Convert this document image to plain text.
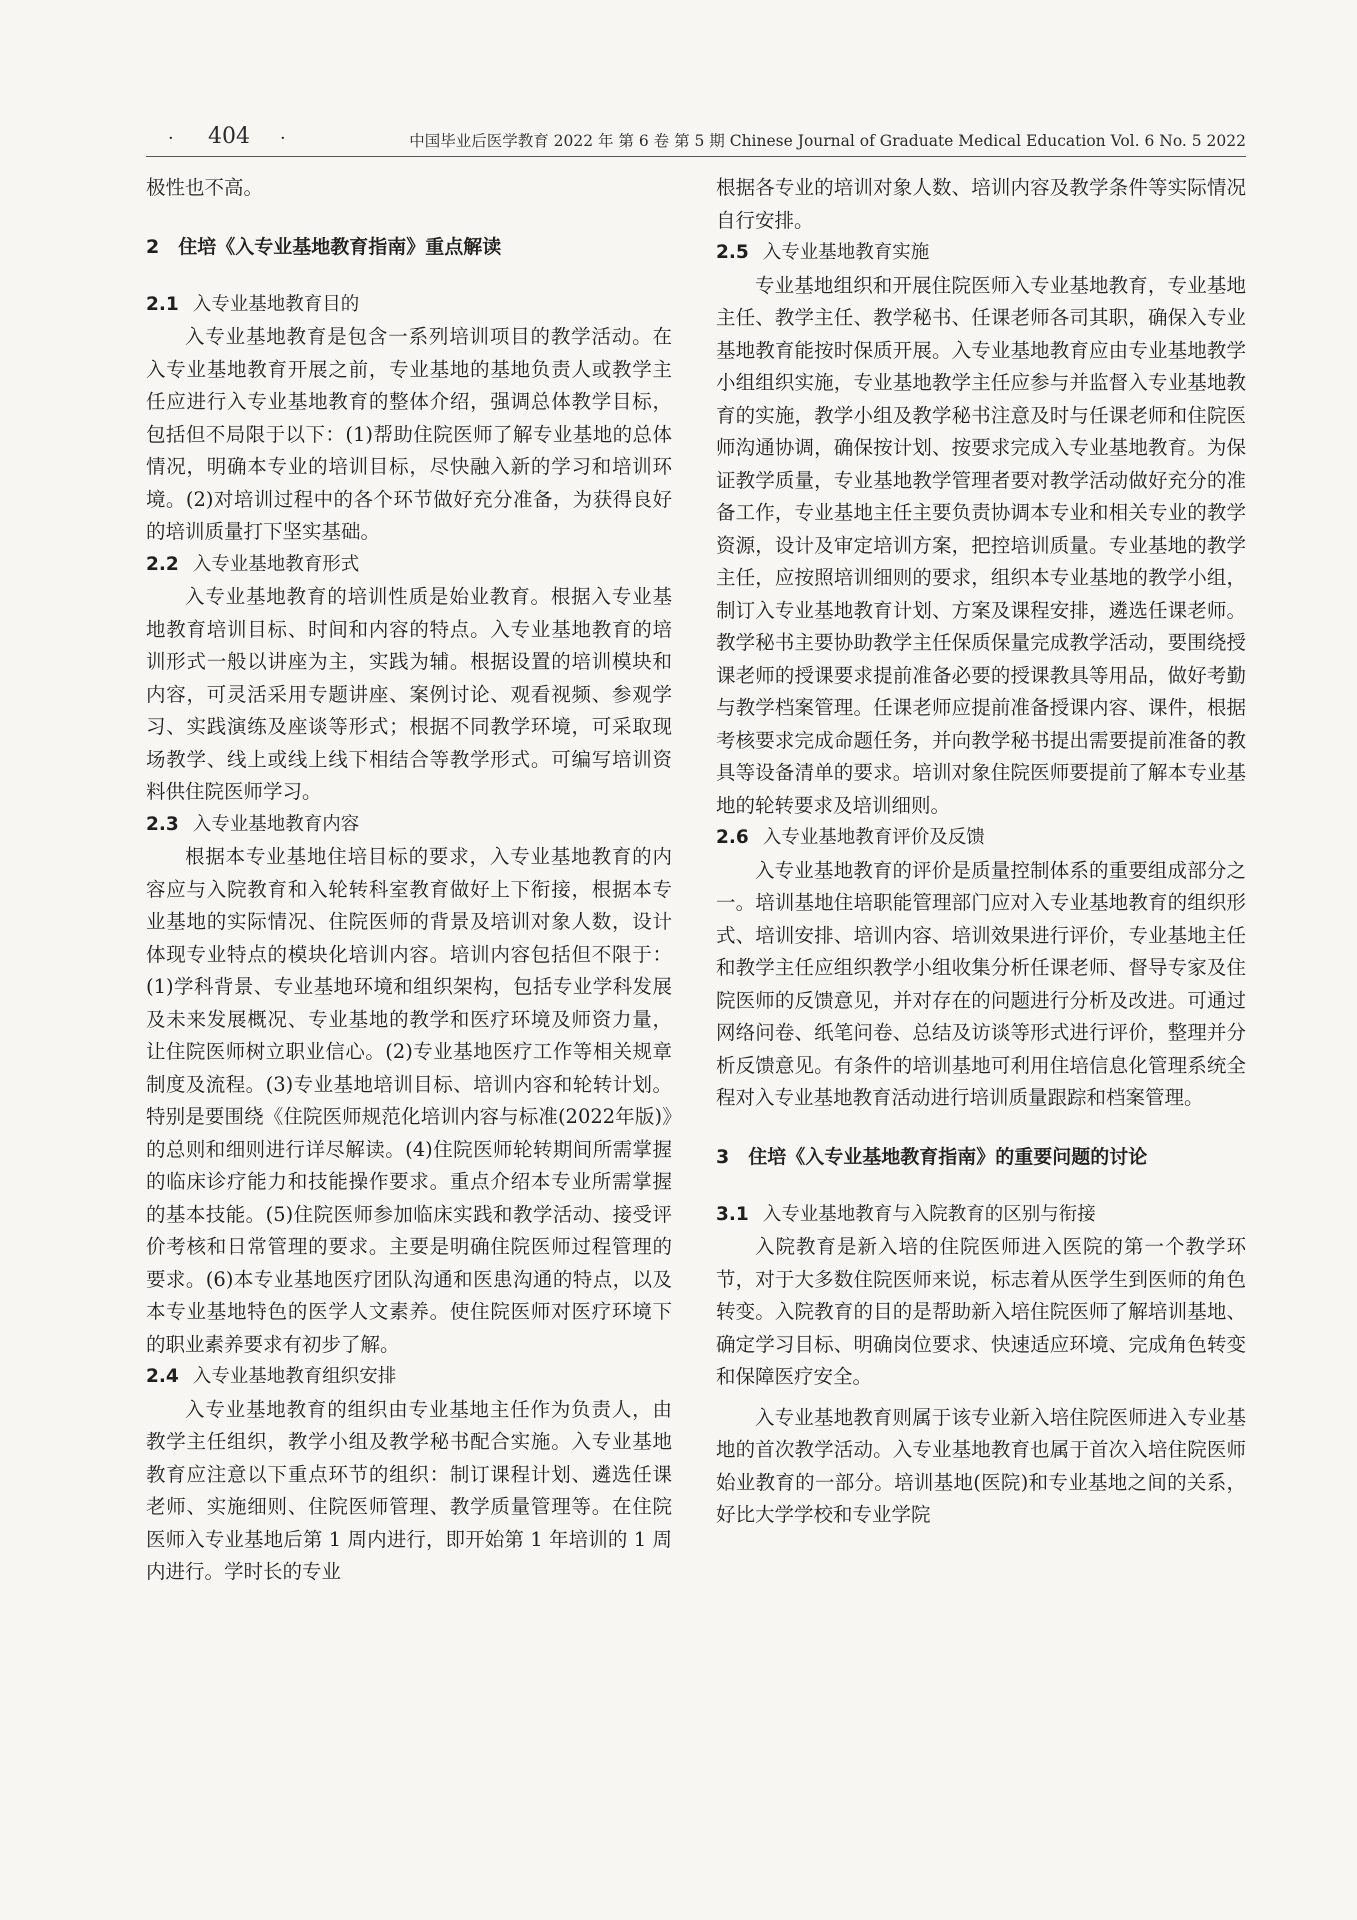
· 404 ·	中国毕业后医学教育 2022 年 第 6 卷 第 5 期 Chinese Journal of Graduate Medical Education Vol. 6 No. 5 2022

极性也不高。

2　住培《入专业基地教育指南》重点解读
2.1 入专业基地教育目的

入专业基地教育是包含一系列培训项目的教学活动。在入专业基地教育开展之前，专业基地的基地负责人或教学主任应进行入专业基地教育的整体介绍，强调总体教学目标，包括但不局限于以下：(1)帮助住院医师了解专业基地的总体情况，明确本专业的培训目标，尽快融入新的学习和培训环境。(2)对培训过程中的各个环节做好充分准备，为获得良好的培训质量打下坚实基础。

2.2 入专业基地教育形式

入专业基地教育的培训性质是始业教育。根据入专业基地教育培训目标、时间和内容的特点。入专业基地教育的培训形式一般以讲座为主，实践为辅。根据设置的培训模块和内容，可灵活采用专题讲座、案例讨论、观看视频、参观学习、实践演练及座谈等形式；根据不同教学环境，可采取现场教学、线上或线上线下相结合等教学形式。可编写培训资料供住院医师学习。

2.3 入专业基地教育内容

根据本专业基地住培目标的要求，入专业基地教育的内容应与入院教育和入轮转科室教育做好上下衔接，根据本专业基地的实际情况、住院医师的背景及培训对象人数，设计体现专业特点的模块化培训内容。培训内容包括但不限于：(1)学科背景、专业基地环境和组织架构，包括专业学科发展及未来发展概况、专业基地的教学和医疗环境及师资力量，让住院医师树立职业信心。(2)专业基地医疗工作等相关规章制度及流程。(3)专业基地培训目标、培训内容和轮转计划。特别是要围绕《住院医师规范化培训内容与标准(2022年版)》的总则和细则进行详尽解读。(4)住院医师轮转期间所需掌握的临床诊疗能力和技能操作要求。重点介绍本专业所需掌握的基本技能。(5)住院医师参加临床实践和教学活动、接受评价考核和日常管理的要求。主要是明确住院医师过程管理的要求。(6)本专业基地医疗团队沟通和医患沟通的特点，以及本专业基地特色的医学人文素养。使住院医师对医疗环境下的职业素养要求有初步了解。

2.4 入专业基地教育组织安排

入专业基地教育的组织由专业基地主任作为负责人，由教学主任组织，教学小组及教学秘书配合实施。入专业基地教育应注意以下重点环节的组织：制订课程计划、遴选任课老师、实施细则、住院医师管理、教学质量管理等。在住院医师入专业基地后第 1 周内进行，即开始第 1 年培训的 1 周内进行。学时长的专业

根据各专业的培训对象人数、培训内容及教学条件等实际情况自行安排。

2.5 入专业基地教育实施

专业基地组织和开展住院医师入专业基地教育，专业基地主任、教学主任、教学秘书、任课老师各司其职，确保入专业基地教育能按时保质开展。入专业基地教育应由专业基地教学小组组织实施，专业基地教学主任应参与并监督入专业基地教育的实施，教学小组及教学秘书注意及时与任课老师和住院医师沟通协调，确保按计划、按要求完成入专业基地教育。为保证教学质量，专业基地教学管理者要对教学活动做好充分的准备工作，专业基地主任主要负责协调本专业和相关专业的教学资源，设计及审定培训方案，把控培训质量。专业基地的教学主任，应按照培训细则的要求，组织本专业基地的教学小组，制订入专业基地教育计划、方案及课程安排，遴选任课老师。教学秘书主要协助教学主任保质保量完成教学活动，要围绕授课老师的授课要求提前准备必要的授课教具等用品，做好考勤与教学档案管理。任课老师应提前准备授课内容、课件，根据考核要求完成命题任务，并向教学秘书提出需要提前准备的教具等设备清单的要求。培训对象住院医师要提前了解本专业基地的轮转要求及培训细则。

2.6 入专业基地教育评价及反馈

入专业基地教育的评价是质量控制体系的重要组成部分之一。培训基地住培职能管理部门应对入专业基地教育的组织形式、培训安排、培训内容、培训效果进行评价，专业基地主任和教学主任应组织教学小组收集分析任课老师、督导专家及住院医师的反馈意见，并对存在的问题进行分析及改进。可通过网络问卷、纸笔问卷、总结及访谈等形式进行评价，整理并分析反馈意见。有条件的培训基地可利用住培信息化管理系统全程对入专业基地教育活动进行培训质量跟踪和档案管理。

3　住培《入专业基地教育指南》的重要问题的讨论
3.1 入专业基地教育与入院教育的区别与衔接

入院教育是新入培的住院医师进入医院的第一个教学环节，对于大多数住院医师来说，标志着从医学生到医师的角色转变。入院教育的目的是帮助新入培住院医师了解培训基地、确定学习目标、明确岗位要求、快速适应环境、完成角色转变和保障医疗安全。

入专业基地教育则属于该专业新入培住院医师进入专业基地的首次教学活动。入专业基地教育也属于首次入培住院医师始业教育的一部分。培训基地(医院)和专业基地之间的关系，好比大学学校和专业学院
